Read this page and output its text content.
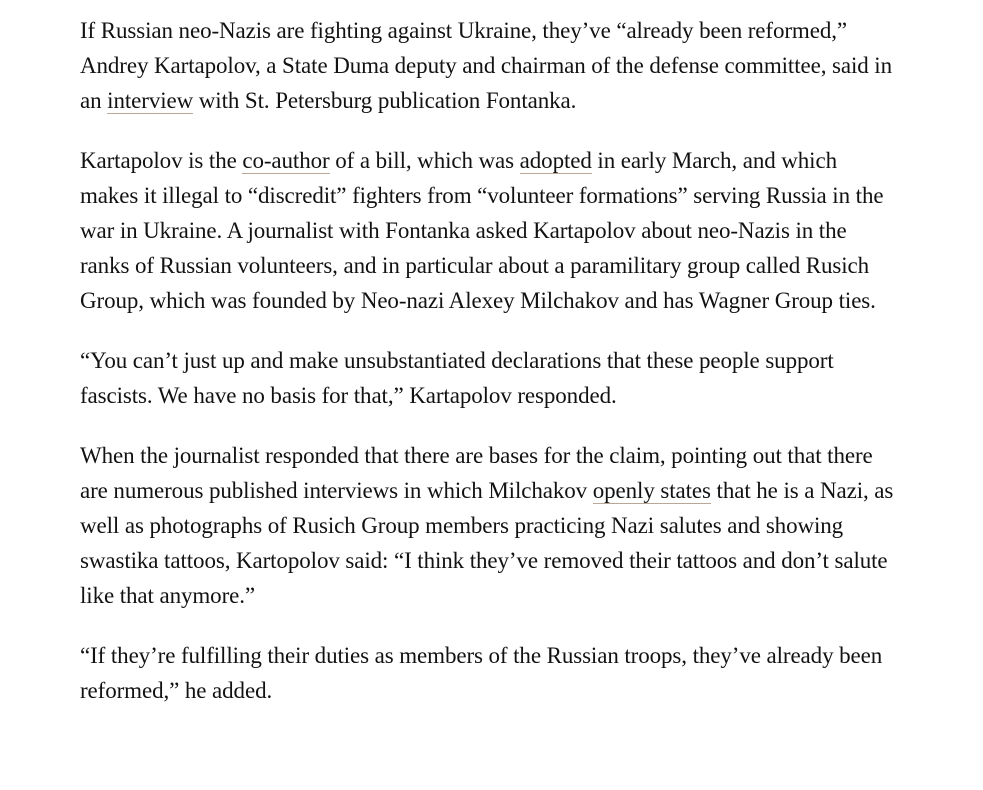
If Russian neo-Nazis are fighting against Ukraine, they’ve “already been reformed,” Andrey Kartapolov, a State Duma deputy and chairman of the defense committee, said in an interview with St. Petersburg publication Fontanka.

Kartapolov is the co-author of a bill, which was adopted in early March, and which makes it illegal to “discredit” fighters from “volunteer formations” serving Russia in the war in Ukraine. A journalist with Fontanka asked Kartapolov about neo-Nazis in the ranks of Russian volunteers, and in particular about a paramilitary group called Rusich Group, which was founded by Neo-nazi Alexey Milchakov and has Wagner Group ties.

“You can’t just up and make unsubstantiated declarations that these people support fascists. We have no basis for that,” Kartapolov responded.

When the journalist responded that there are bases for the claim, pointing out that there are numerous published interviews in which Milchakov openly states that he is a Nazi, as well as photographs of Rusich Group members practicing Nazi salutes and showing swastika tattoos, Kartopolov said: “I think they’ve removed their tattoos and don’t salute like that anymore.”

“If they’re fulfilling their duties as members of the Russian troops, they’ve already been reformed,” he added.
